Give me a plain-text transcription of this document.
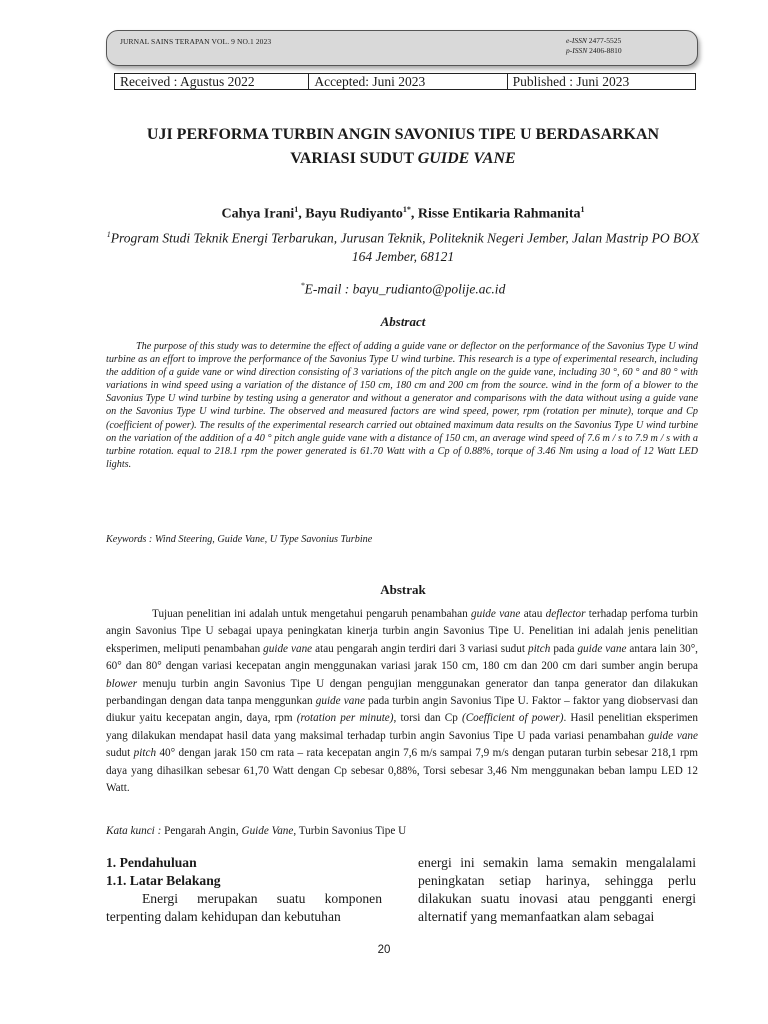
JURNAL SAINS TERAPAN VOL. 9 NO.1 2023	e-ISSN 2477-5525
p-ISSN 2406-8810
Received : Agustus 2022	Accepted: Juni 2023	Published : Juni 2023
UJI PERFORMA TURBIN ANGIN SAVONIUS TIPE U BERDASARKAN
VARIASI SUDUT GUIDE VANE
Cahya Irani$^1$, Bayu Rudiyanto$^{1*}$, Risse Entikaria Rahmanita$^1$
$^1$Program Studi Teknik Energi Terbarukan, Jurusan Teknik, Politeknik Negeri Jember, Jalan Mastrip PO BOX 164 Jember, 68121
*E-mail : bayu_rudianto@polije.ac.id
Abstract
The purpose of this study was to determine the effect of adding a guide vane or deflector on the performance of the Savonius Type U wind turbine as an effort to improve the performance of the Savonius Type U wind turbine. This research is a type of experimental research, including the addition of a guide vane or wind direction consisting of 3 variations of the pitch angle on the guide vane, including 30 °, 60 ° and 80 ° with variations in wind speed using a variation of the distance of 150 cm, 180 cm and 200 cm from the source. wind in the form of a blower to the Savonius Type U wind turbine by testing using a generator and without a generator and comparisons with the data without using a guide vane on the Savonius Type U wind turbine. The observed and measured factors are wind speed, power, rpm (rotation per minute), torque and Cp (coefficient of power). The results of the experimental research carried out obtained maximum data results on the Savonius Type U wind turbine on the variation of the addition of a 40 ° pitch angle guide vane with a distance of 150 cm, an average wind speed of 7.6 m / s to 7.9 m / s with a turbine rotation. equal to 218.1 rpm the power generated is 61.70 Watt with a Cp of 0.88%, torque of 3.46 Nm using a load of 12 Watt LED lights.
Keywords : Wind Steering, Guide Vane, U Type Savonius Turbine
Abstrak
Tujuan penelitian ini adalah untuk mengetahui pengaruh penambahan guide vane atau deflector terhadap perfoma turbin angin Savonius Tipe U sebagai upaya peningkatan kinerja turbin angin Savonius Tipe U. Penelitian ini adalah jenis penelitian eksperimen, meliputi penambahan guide vane atau pengarah angin terdiri dari 3 variasi sudut pitch pada guide vane antara lain 30°, 60° dan 80° dengan variasi kecepatan angin menggunakan variasi jarak 150 cm, 180 cm dan 200 cm dari sumber angin berupa blower menuju turbin angin Savonius Tipe U dengan pengujian menggunakan generator dan tanpa generator dan dilakukan perbandingan dengan data tanpa menggunkan guide vane pada turbin angin Savonius Tipe U. Faktor – faktor yang diobservasi dan diukur yaitu kecepatan angin, daya, rpm (rotation per minute), torsi dan Cp (Coefficient of power). Hasil penelitian eksperimen yang dilakukan mendapat hasil data yang maksimal terhadap turbin angin Savonius Tipe U pada variasi penambahan guide vane sudut pitch 40° dengan jarak 150 cm rata – rata kecepatan angin 7,6 m/s sampai 7,9 m/s dengan putaran turbin sebesar 218,1 rpm daya yang dihasilkan sebesar 61,70 Watt dengan Cp sebesar 0,88%, Torsi sebesar 3,46 Nm menggunakan beban lampu LED 12 Watt.
Kata kunci : Pengarah Angin, Guide Vane, Turbin Savonius Tipe U
1. Pendahuluan
1.1. Latar Belakang
Energi merupakan suatu komponen terpenting dalam kehidupan dan kebutuhan
energi ini semakin lama semakin mengalalami peningkatan setiap harinya, sehingga perlu dilakukan suatu inovasi atau pengganti energi alternatif yang memanfaatkan alam sebagai
20
